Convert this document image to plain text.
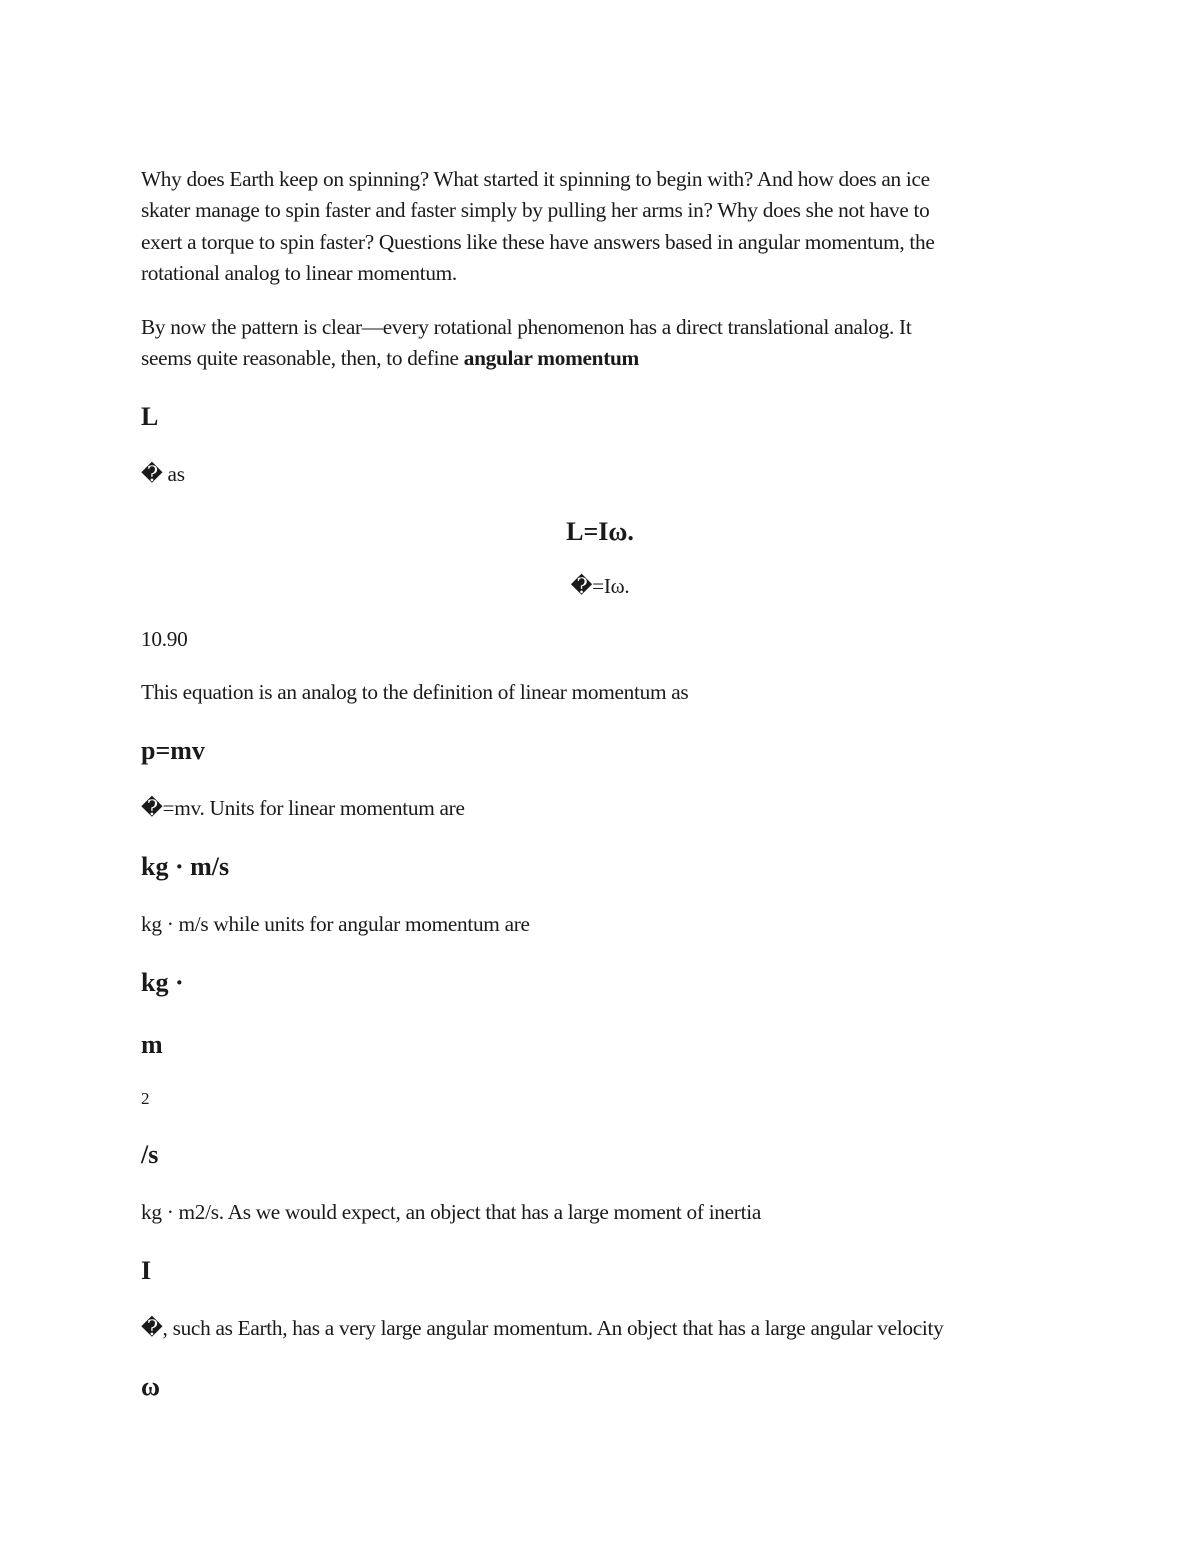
Why does Earth keep on spinning? What started it spinning to begin with? And how does an ice
skater manage to spin faster and faster simply by pulling her arms in? Why does she not have to
exert a torque to spin faster? Questions like these have answers based in angular momentum, the
rotational analog to linear momentum.
By now the pattern is clear—every rotational phenomenon has a direct translational analog. It
seems quite reasonable, then, to define angular momentum
L
� as
L=Iω.
�=Iω.
10.90
This equation is an analog to the definition of linear momentum as
p=mv
�=mv. Units for linear momentum are
kg · m/s
kg · m/s while units for angular momentum are
kg ·
m
2
/s
kg · m2/s. As we would expect, an object that has a large moment of inertia
I
�, such as Earth, has a very large angular momentum. An object that has a large angular velocity
ω
